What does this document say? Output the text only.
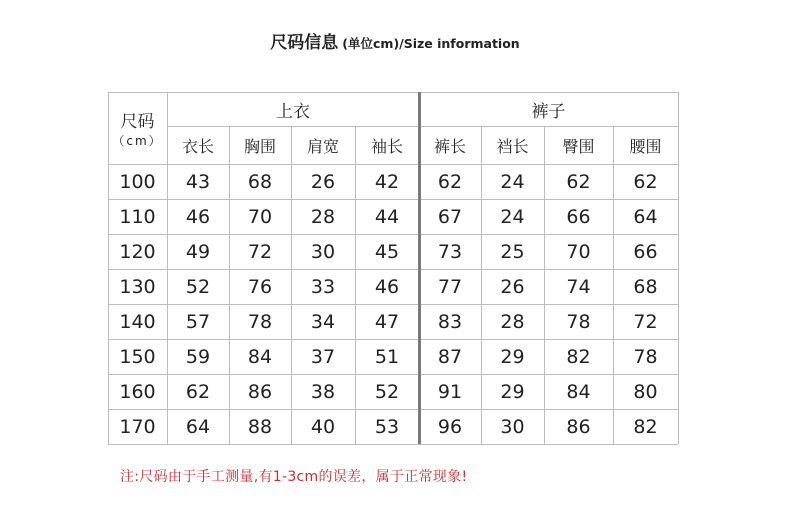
尺码信息 (单位cm)/Size information
尺码
（cm）
上衣	裤子
衣长	胸围	肩宽	袖长	裤长	裆长	臀围	腰围
100	43	68	26	42	62	24	62	62
110	46	70	28	44	67	24	66	64
120	49	72	30	45	73	25	70	66
130	52	76	33	46	77	26	74	68
140	57	78	34	47	83	28	78	72
150	59	84	37	51	87	29	82	78
160	62	86	38	52	91	29	84	80
170	64	88	40	53	96	30	86	82
注:尺码由于手工测量,有1-3cm的误差，属于正常现象!
